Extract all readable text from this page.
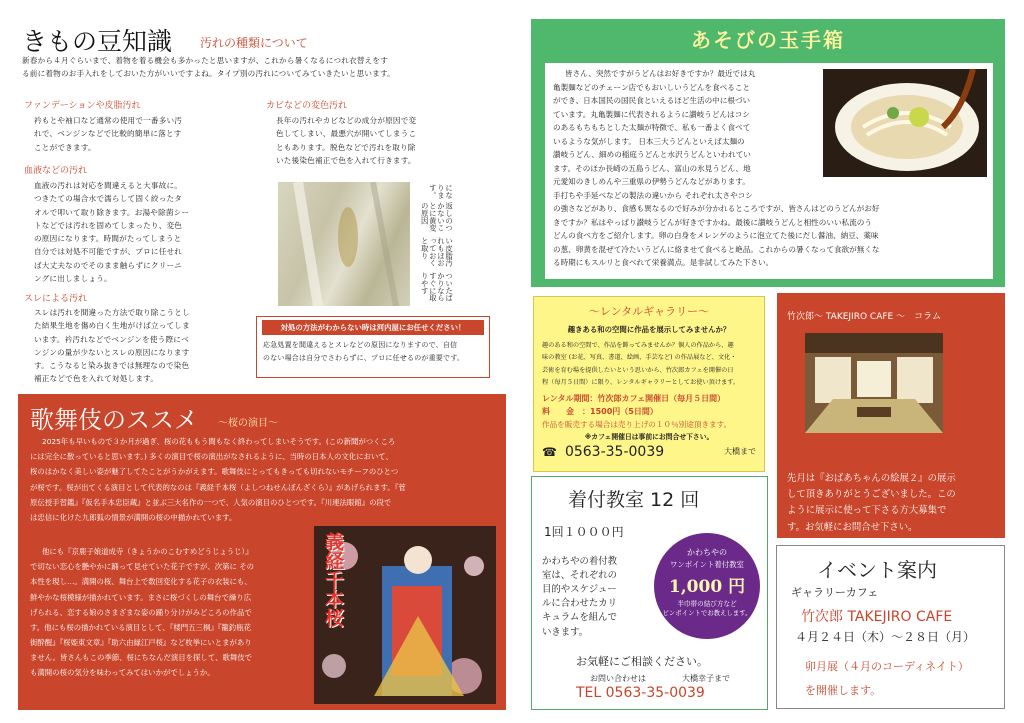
きもの豆知識 汚れの種類について
新春から４月ぐらいまで、着物を着る機会も多かったと思いますが、これから暑くなるにつれ衣替えをす
る前に着物のお手入れをしておいた方がいいですよね。タイプ別の汚れについてみていきたいと思います。
ファンデーションや皮脂汚れ
衿もとや袖口など通常の使用で一番多い汚
れで、ベンジンなどで比較的簡単に落とす
ことができます。
血液などの汚れ
血液の汚れは対応を間違えると大事故に。
つきたての場合水で濡らして固く絞ったタ
オルで叩いて取り除きます。お湯や除菌シー
トなどでは汚れを固めてしまったり、変色
の原因になります。時間がたってしまうと
自分では対処不可能ですが、プロに任せれ
ば大丈夫なのでそのまま触らずにクリーニ
ングに出しましょう。
スレによる汚れ
スレは汚れを間違った方法で取り除こうとし
た結果生地を傷め白く生地がけば立ってしま
います。衿汚れなどでベンジンを使う際にベ
ンジンの量が少ないとスレの原因になります
す。こうなると染み抜きでは無理なので染色
補正などで色を入れて対処します。
カビなどの変色汚れ
長年の汚れやカビなどの成分が原因で変
色してしまい、最悪穴が開いてしまうこ
ともあります。脱色などで汚れを取り除
いた後染色補正で色を入れて行きます。
ついたばかりならすぐに取りやす
い皮脂汚れもほおっておくと取り
返しのつかないことに黄変の原因
になります。
対処の方法がわからない時は河内屋にお任せください！
応急処置を間違えるとスレなどの原因になりますので、自信
のない場合は自分でさわらずに、プロに任せるのが重要です。
歌舞伎のススメ ～桜の演目～
2025年も早いもので３か月が過ぎ、桜の花ももう間もなく終わってしまいそうです。(この新聞がつくころ
には完全に散っていると思います。) 多くの演目で桜の演出がなされるように、当時の日本人の文化において、
桜のはかなく美しい姿が魅了してたことがうかがえます。歌舞伎にとってもきっても切れないモチーフのひとつ
が桜です。桜が出てくる演目として代表的なのは『義経千本桜（よしつねせんぼんざくら）』があげられます。『菅
原伝授手習鑑』『仮名手本忠臣蔵』と並ぶ三大名作の一つで、人気の演目のひとつです。『川連法眼館』の段で
は忠信に化けた九郎狐の情景が満開の桜の中描かれています。
他にも『京鹿子娘道成寺（きょうかのこむすめどうじょうじ）』
で切ない恋心を艶やかに踊って見せていた花子ですが、次第に その
本性を現し…。満開の桜、舞台上で数回変化する花子の衣装にも、
鮮やかな桜模様が描かれています。まさに桜づくしの舞台で繰り広
げられる、恋する娘のさまざまな姿の踊り分けがみどころの作品で
す。他にも桜の描かれている演目として、『楼門五三桐』『籠釣瓶花
街酔醒』『桜姫東文章』『助六由縁江戸桜』など枚挙にいとまがあり
ません。皆さんもこの季節、桜にちなんだ演目を探して、歌舞伎で
も満開の桜の気分を味わってみてはいかがでしょうか。
義経千本桜
あそびの玉手箱
皆さん、突然ですがうどんはお好きですか？最近では丸
亀製麺などのチェーン店でもおいしいうどんを食べること
ができ、日本国民の国民食といえるほど生活の中に根づい
ています。丸亀製麺に代表されるように讃岐うどんはコシ
のあるもちもちとした太麺が特徴で、私も一番よく食べて
いるような気がします。 日本三大うどんといえば太麺の
讃岐うどん、細めの稲庭うどんと水沢うどんといわれてい
ます。そのほか長崎の五島うどん、富山の氷見うどん、地
元愛知のきしめんや三重県の伊勢うどんなどがあります。
手打ちや手延べなどの製法の違いから それぞれ太さやコシ
の強さなどがあり、食感も異なるので好みが分かれるところですが、皆さんはどのうどんがお好
きですか？私はやっぱり讃岐うどんが好きですかね。最後に讃岐うどんと相性のいい私流のう
どんの食べ方をご紹介します。卵の白身をメレンゲのように泡立てた後にだし醤油、納豆、薬味
の葱、卵黄を混ぜて冷たいうどんに絡ませて食べると絶品。これからの暑くなって食欲が無くな
る時期にもスルリと食べれて栄養満点。是非試してみた下さい。
～レンタルギャラリー～
趣きある和の空間に作品を展示してみませんか？
趣のある和の空間で、作品を飾ってみませんか？個人の作品から、趣
味の教室 (お花、写真、書道、絵画、手芸など) の作品展など、文化・
芸術を育む場を提供したいという思いから、竹次郎カフェを開催の日
程（毎月５日間）に限り、レンタルギャラリーとしてお使い頂けます。
レンタル期間：竹次郎カフェ開催日（毎月５日間）
料　　金　：1500円（5日間）
作品を販売する場合は売り上げの１０％別途頂きます。
※カフェ開催日は事前にお問合せ下さい。
☎ 0563-35-0039	大橋まで
竹次郎～ TAKEJIRO CAFE ～　コラム
先月は『おばあちゃんの絵展２』の展示
して頂きありがとうございました。この
ように展示に使って下さる方大募集で
す。お気軽にお問合せ下さい。
着付教室 12 回
1回１０００円
かわちやの着付教
室は、それぞれの
目的やスケジュー
ルに合わせたカリ
キュラムを組んで
いきます。
かわちやの
ワンポイント着付教室
1,000 円
半巾帯の結び方など
ピンポイントでお教えします。
お気軽にご相談ください。
お問い合わせは	大橋幸子まで
TEL 0563-35-0039
イベント案内
ギャラリーカフェ
竹次郎 TAKEJIRO CAFE
４月２４日（木）～２８日（月）
卯月展（４月のコーディネイト）
を開催します。
